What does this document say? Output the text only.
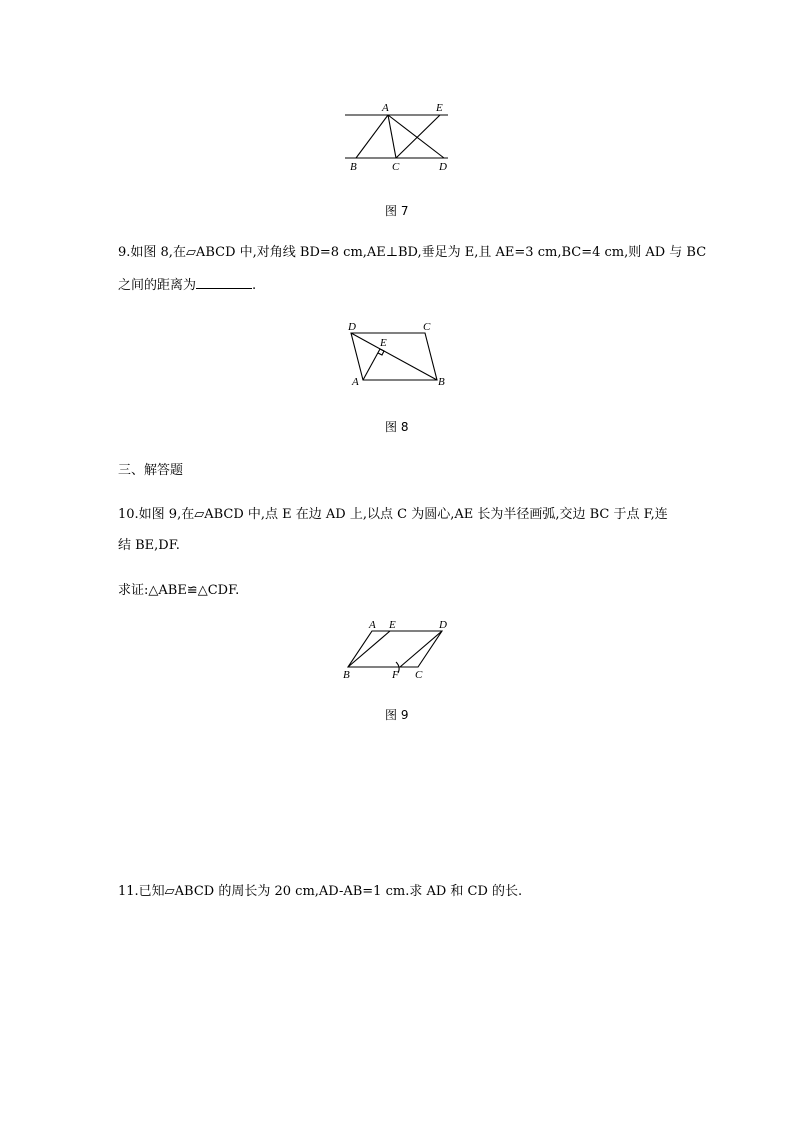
A	E
B	C	D
图 7
9.如图 8,在▱ABCD 中,对角线 BD=8 cm,AE⊥BD,垂足为 E,且 AE=3 cm,BC=4 cm,则 AD 与 BC
之间的距离为	.
D	C
E
A	B
图 8
三、解答题
10.如图 9,在▱ABCD 中,点 E 在边 AD 上,以点 C 为圆心,AE 长为半径画弧,交边 BC 于点 F,连
结 BE,DF.
求证:△ABE≌△CDF.
A E	D
B	F C
图 9
11.已知▱ABCD 的周长为 20 cm,AD-AB=1 cm.求 AD 和 CD 的长.
